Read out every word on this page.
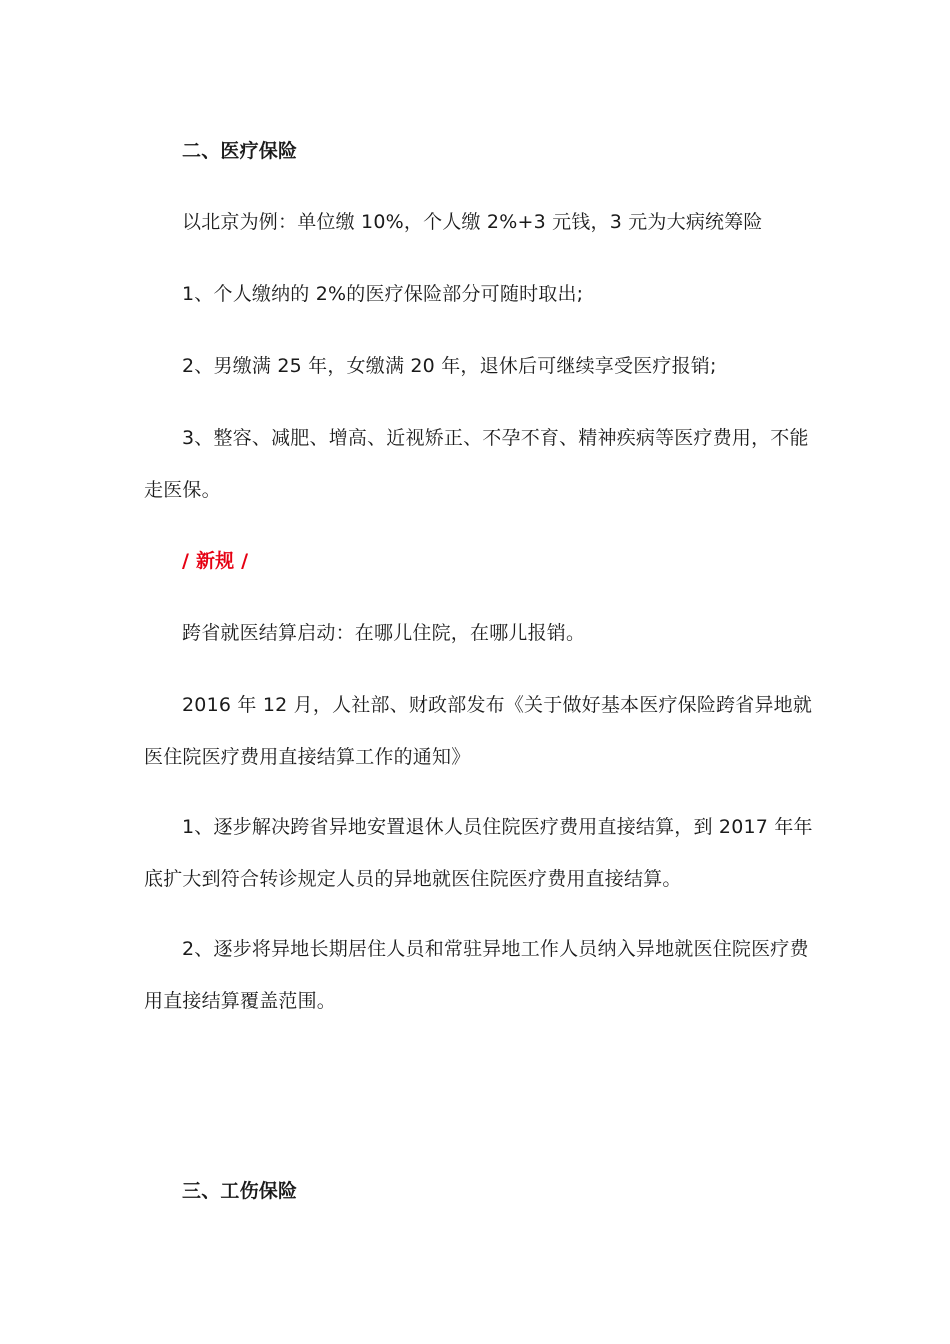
二、医疗保险
以北京为例：单位缴 10%，个人缴 2%+3 元钱，3 元为大病统筹险
1、个人缴纳的 2%的医疗保险部分可随时取出;
2、男缴满 25 年，女缴满 20 年，退休后可继续享受医疗报销;
3、整容、减肥、增高、近视矫正、不孕不育、精神疾病等医疗费用，不能
走医保。
/ 新规 /
跨省就医结算启动：在哪儿住院，在哪儿报销。
2016 年 12 月，人社部、财政部发布《关于做好基本医疗保险跨省异地就
医住院医疗费用直接结算工作的通知》
1、逐步解决跨省异地安置退休人员住院医疗费用直接结算，到 2017 年年
底扩大到符合转诊规定人员的异地就医住院医疗费用直接结算。
2、逐步将异地长期居住人员和常驻异地工作人员纳入异地就医住院医疗费
用直接结算覆盖范围。
三、工伤保险
